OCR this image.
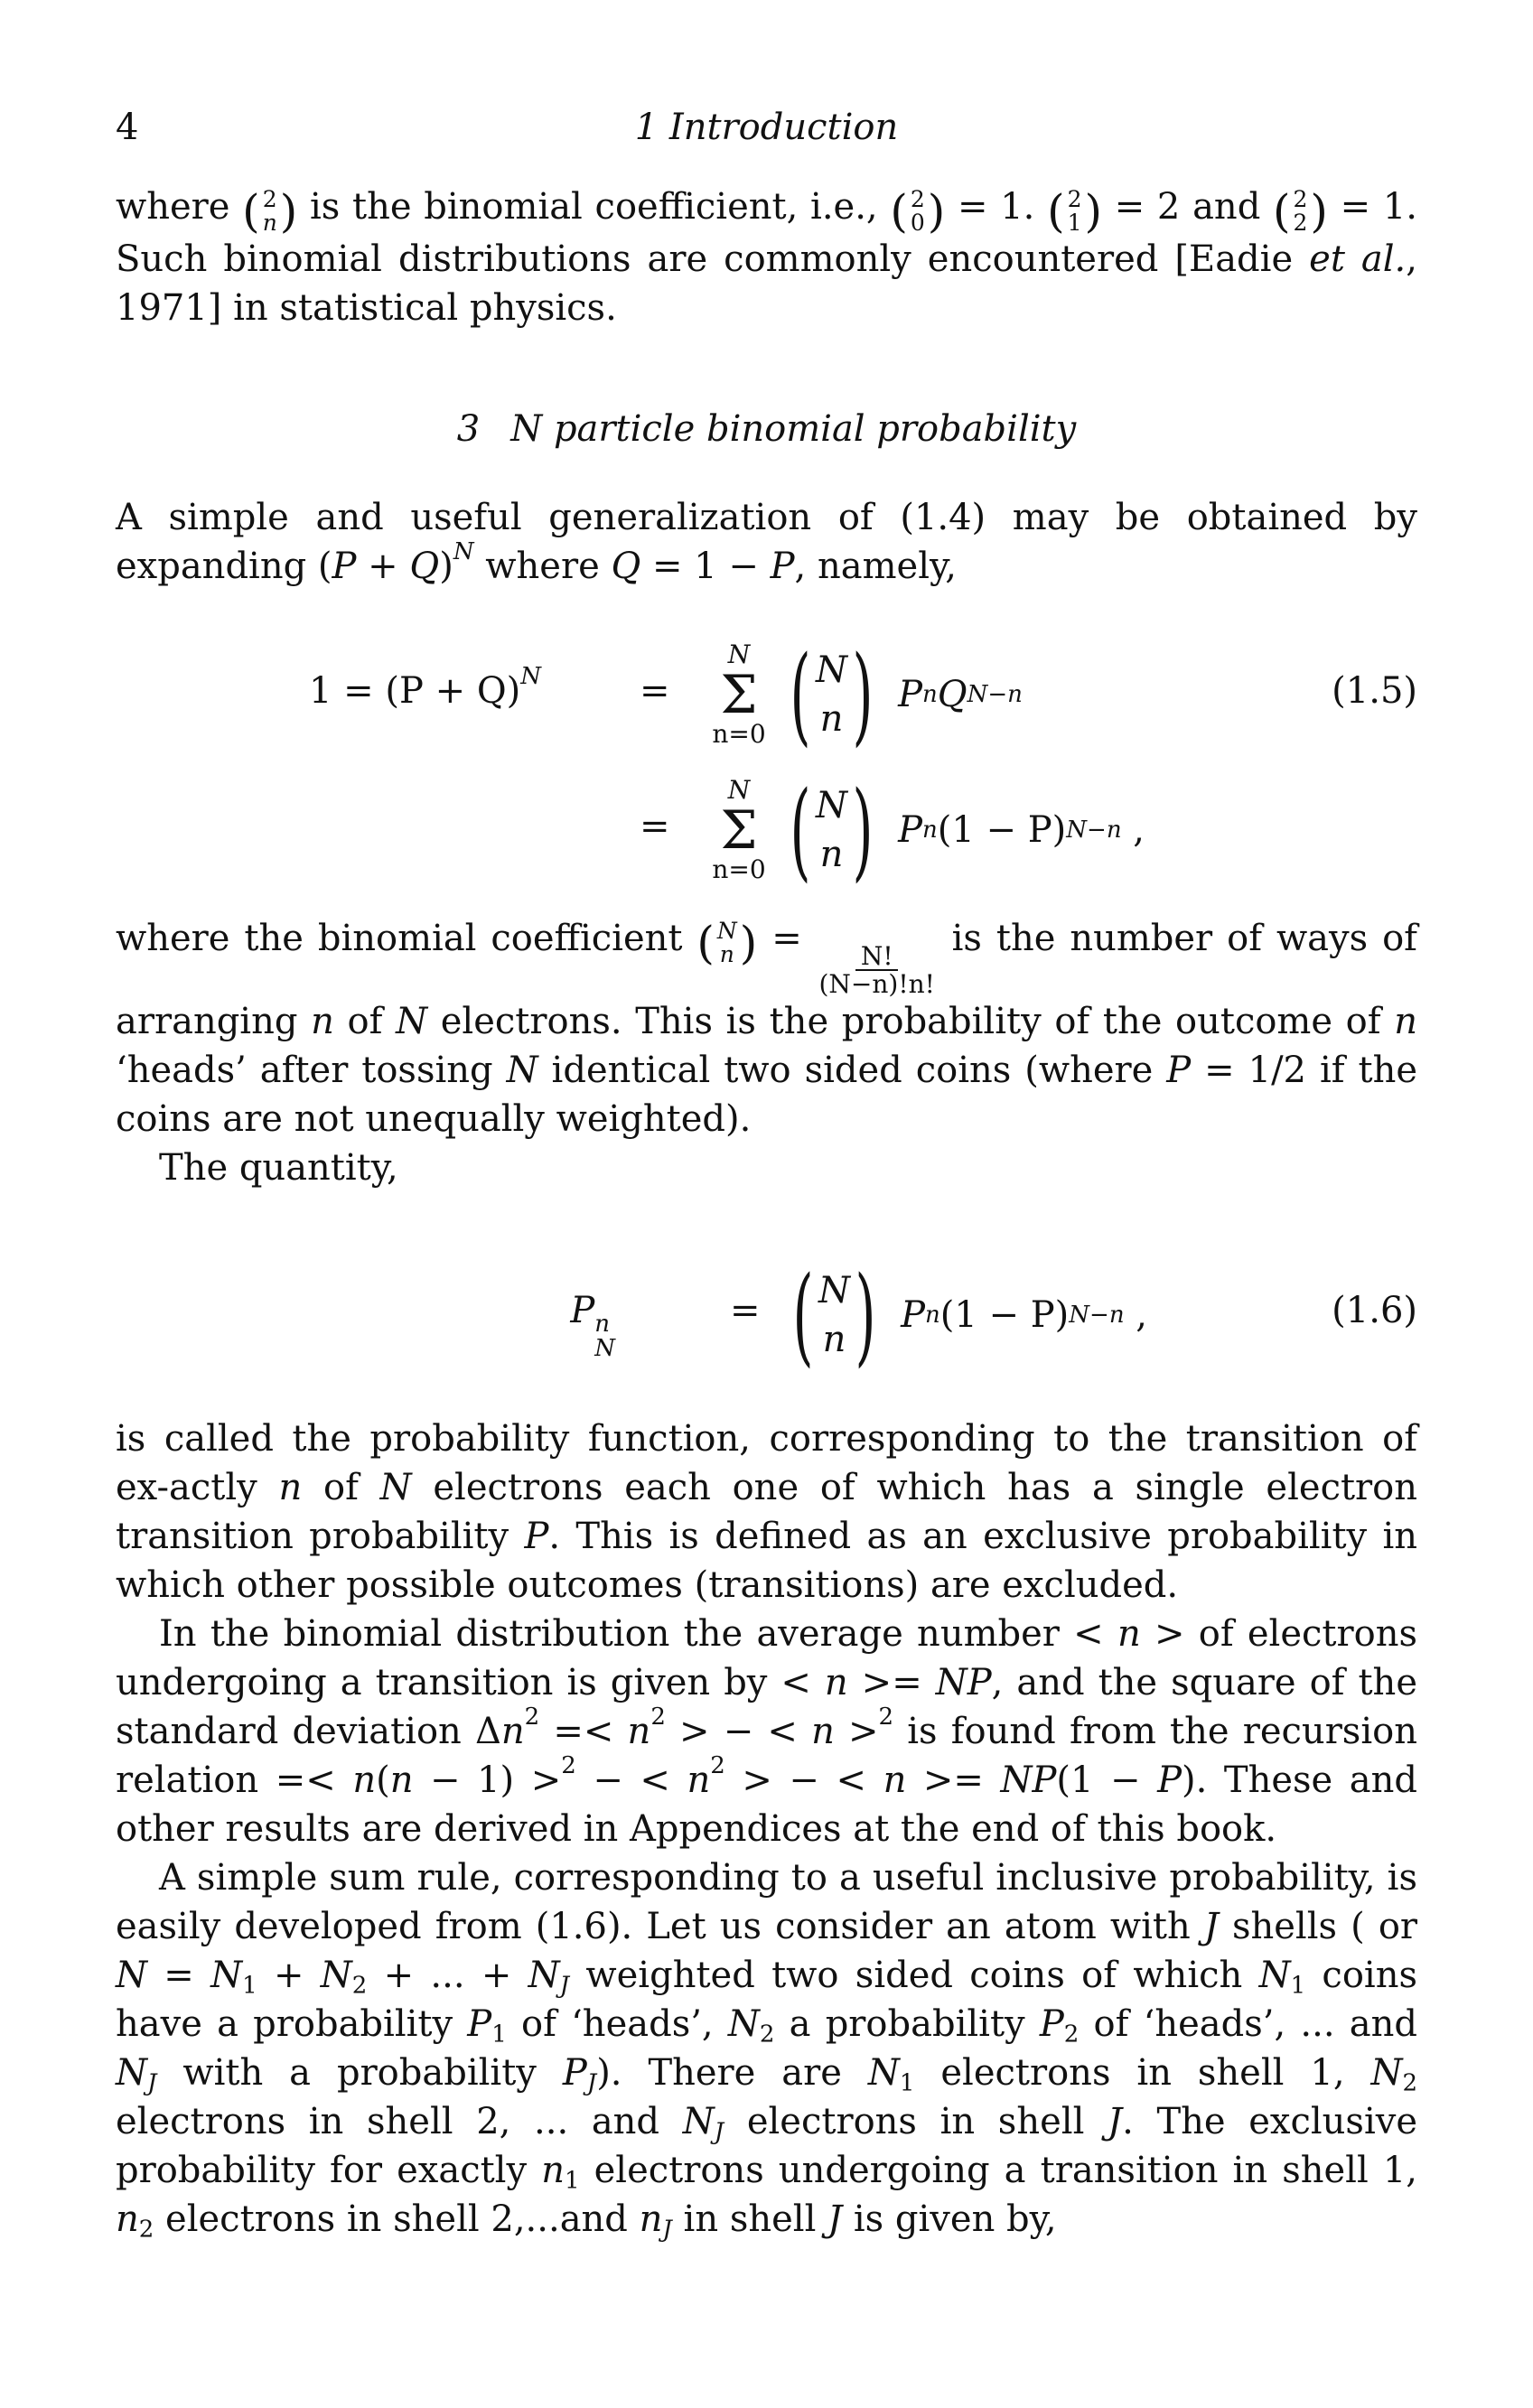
4	1 Introduction

where ( 2
n ) is the binomial coefficient, i.e., ( 2
0 ) = 1. ( 2
1 ) = 2 and ( 2
2 ) = 1. Such binomial distributions are commonly encountered [Eadie et al., 1971] in statistical physics.

3 N particle binomial probability

A simple and useful generalization of (1.4) may be obtained by expanding $(P + Q)^N$ where Q = 1 − P, namely,

$1 = (P + Q)^N$	=
N
Σ
n=0 ( N
n ) P n Q N−n	(1.5)
=
N
Σ
n=0 ( N
n ) P n (1 − P) N−n
,

where the binomial coefficient ( N
n ) =
$\frac{N!}{(N-n)!n!}$
is the number of ways of arranging n of N electrons. This is the probability of the outcome of n ‘heads’ after tossing N identical two sided coins (where P = 1/2 if the coins are not unequally weighted).

The quantity,

P n
N
= ( N
n ) P n (1 − P) N−n
,	(1.6)

is called the probability function, corresponding to the transition of ex-actly n of N electrons each one of which has a single electron transition probability P. This is defined as an exclusive probability in which other possible outcomes (transitions) are excluded.

In the binomial distribution the average number < n > of electrons undergoing a transition is given by < n >= NP, and the square of the standard deviation $\Delta n^2 =< n^2$ > − < n >$^2$ is found from the recursion relation =< n(n − 1) >$^2$ − < $n^2$ > − < n >= NP(1 − P). These and other results are derived in Appendices at the end of this book.

A simple sum rule, corresponding to a useful inclusive probability, is easily developed from (1.6). Let us consider an atom with J shells ( or $N = N_1 + N_2$ + ... + $N_J$ weighted two sided coins of which $N_1$ coins have a probability $P_1$ of ‘heads’, $N_2$ a probability $P_2$ of ‘heads’, ... and $N_J$ with a probability $P_J$). There are $N_1$ electrons in shell 1, $N_2$ electrons in shell 2, ... and $N_J$ electrons in shell J. The exclusive probability for exactly $n_1$ electrons undergoing a transition in shell 1, $n_2$ electrons in shell 2,...and $n_J$ in shell J is given by,
